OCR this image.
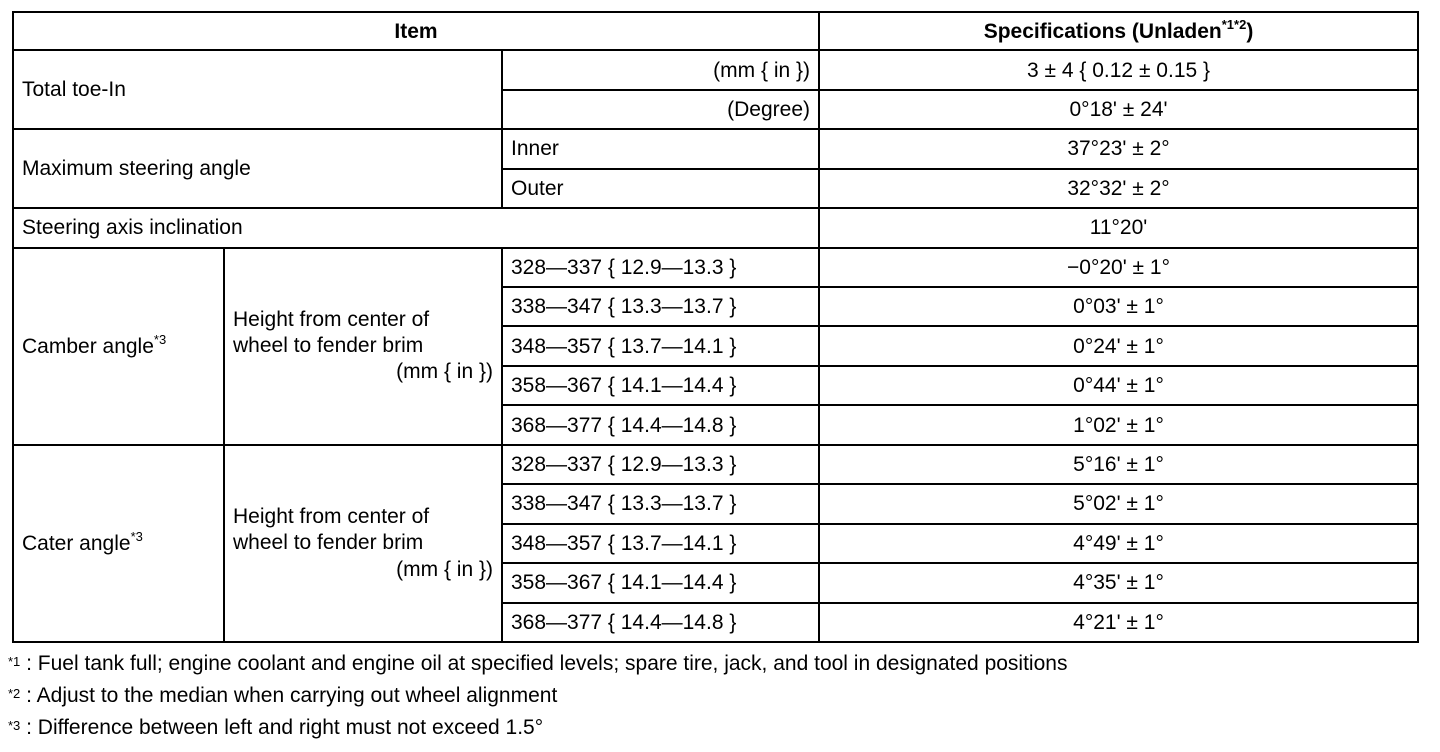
Item			Specifications (Unladen$^{*1*2}$)
Total toe-In		(mm { in })	3 ± 4 { 0.12 ± 0.15 }
		(Degree)	0°18' ± 24'
Maximum steering angle		Inner	37°23' ± 2°
		Outer	32°32' ± 2°
Steering axis inclination			11°20'
Camber angle$^{*3}$	Height from center of
wheel to fender brim
(mm { in })	328—337 { 12.9—13.3 }	−0°20' ± 1°
		338—347 { 13.3—13.7 }	0°03' ± 1°
		348—357 { 13.7—14.1 }	0°24' ± 1°
		358—367 { 14.1—14.4 }	0°44' ± 1°
		368—377 { 14.4—14.8 }	1°02' ± 1°
Cater angle$^{*3}$	Height from center of
wheel to fender brim
(mm { in })	328—337 { 12.9—13.3 }	5°16' ± 1°
		338—347 { 13.3—13.7 }	5°02' ± 1°
		348—357 { 13.7—14.1 }	4°49' ± 1°
		358—367 { 14.1—14.4 }	4°35' ± 1°
		368—377 { 14.4—14.8 }	4°21' ± 1°
$^{*1}$ : Fuel tank full; engine coolant and engine oil at specified levels; spare tire, jack, and tool in designated positions
$^{*2}$ : Adjust to the median when carrying out wheel alignment
$^{*3}$ : Difference between left and right must not exceed 1.5°
